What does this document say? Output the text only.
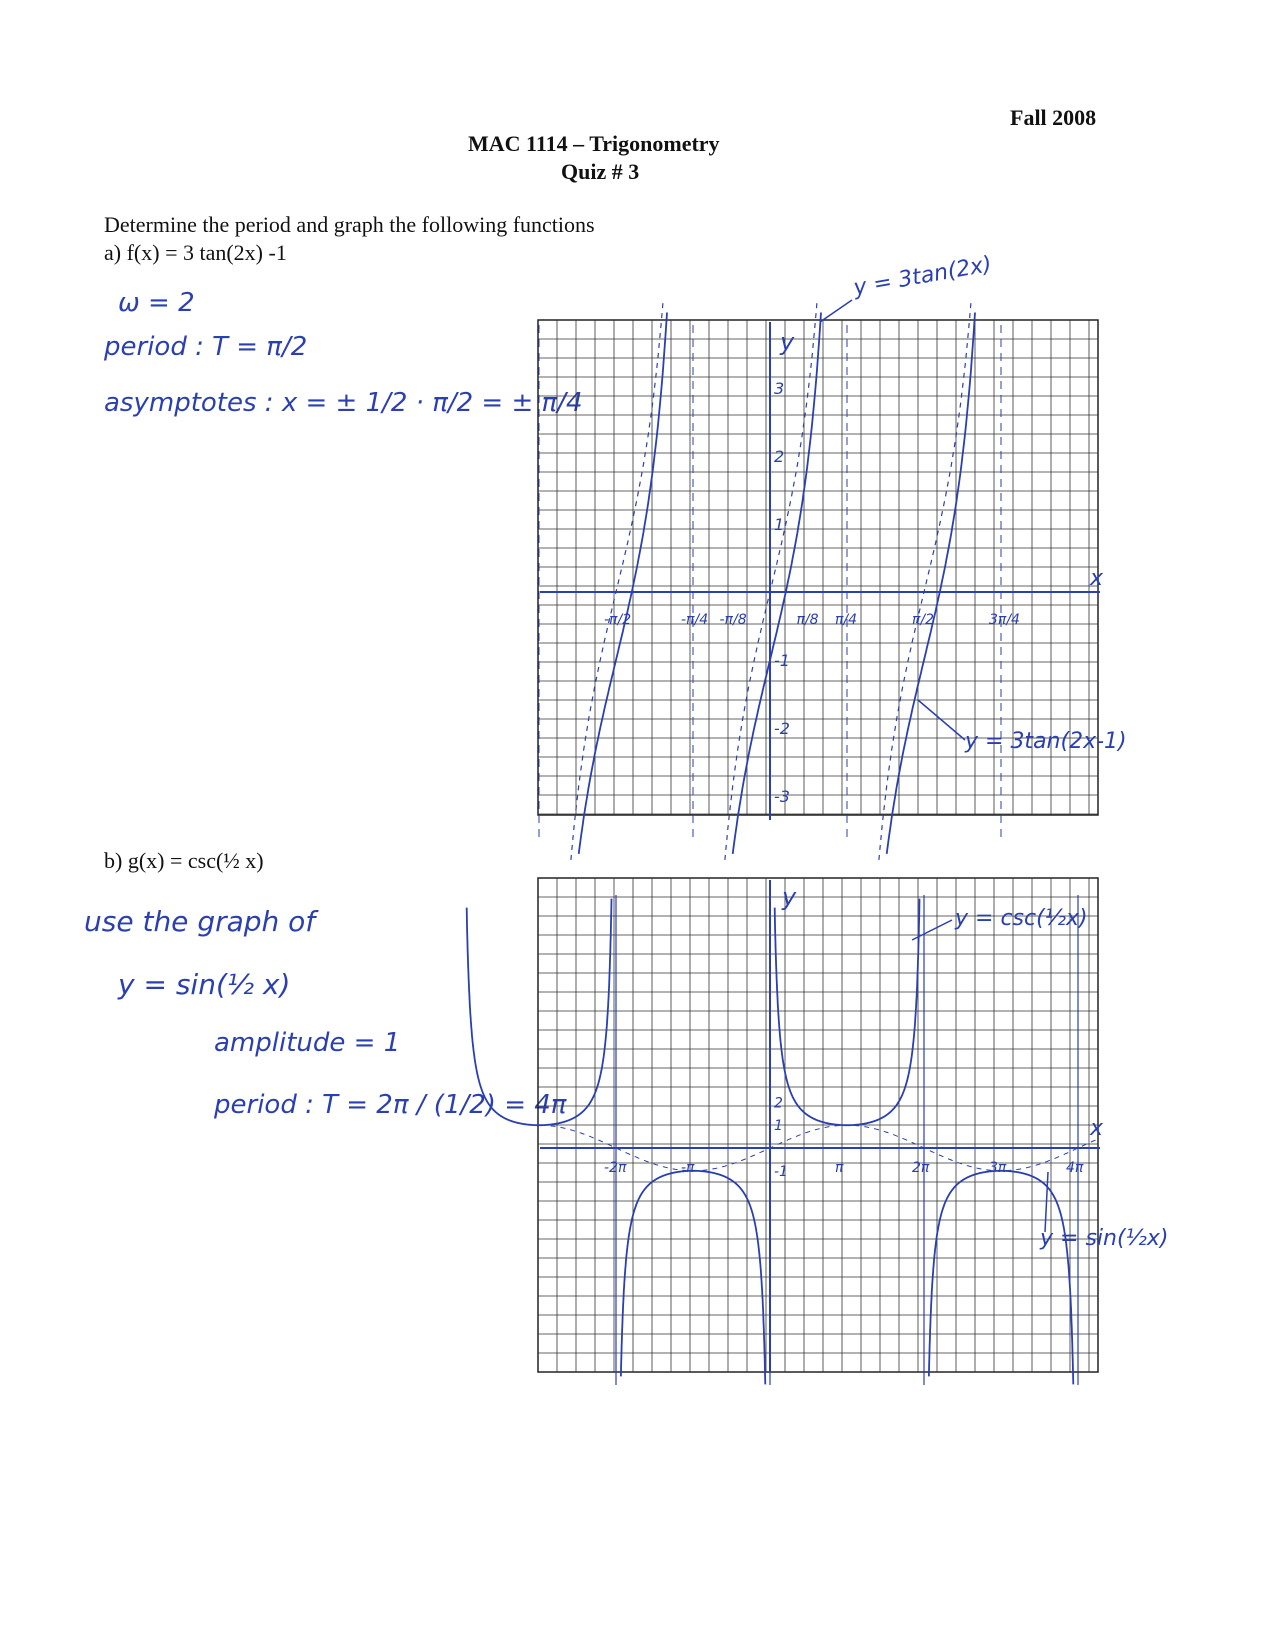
Fall 2008
MAC 1114 – Trigonometry
Quiz # 3
Determine the period and graph the following functions
a) f(x) = 3 tan(2x) -1
ω = 2
period : T = π/2
asymptotes : x = ± 1/2 · π/2 = ± π/4
b) g(x) = csc(½ x)
use the graph of
y = sin(½ x)
amplitude = 1
period : T = 2π / (1/2) = 4π
y
x
y = 3tan(2x)
y = 3tan(2x-1)
3
2
1
-1
-2
-3
-π/2	-π/4 -π/8	π/8 π/4	π/2	3π/4
y
x
y = csc(½x)
y = sin(½x)
2
1
-1
-2π	-π	π	2π	3π	4π
